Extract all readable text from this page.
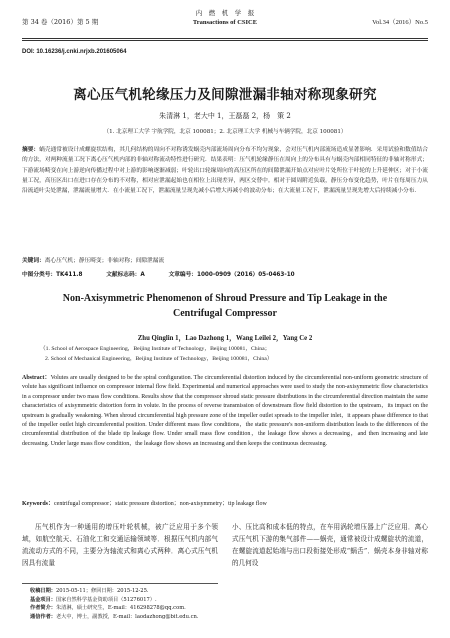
第 34 卷（2016）第 5 期
内　燃　机　学　报
Transactions of CSICE	Vol.34（2016）No.5
DOI: 10.16236/j.cnki.nrjxb.201605064
离心压气机轮缘压力及间隙泄漏非轴对称现象研究
朱清淋 1，老大中 1，王磊磊 2，杨　策 2
（1. 北京理工大学 宇航学院，北京 100081；2. 北京理工大学 机械与车辆学院，北京 100081）
摘要：蜗壳通常被设计成螺旋状结构，其几何结构的周向不对称诱发蜗壳内部流场周向分布不均匀现象，会对压气机内部流场造成显著影响．采用试验和数值结合的方法，对两种流量工况下离心压气机内部的非轴对称流动特性进行研究．结果表明：压气机轮缘静压在周向上的分布具有与蜗壳内部相同特征的非轴对称形式；下游流场畸变在向上游逆向传播过程中对上游的影响逐渐减弱；叶轮出口轮缘周向的高压区所在的间隙泄漏开始点对应叶片处所位于叶轮的上升延伸区；对于小流量工况，高压区出口在进口存在分布的不对称，相对应泄漏起始也在相位上出现差异，两区交替中。相对于圆周附近负载，静压分布变化趋势，叶片在每周压力从沿流道叶尖处泄漏，泄漏流量增大．在小流量工况下，泄漏流量呈现先减小后增大再减小的波动分布；在大流量工况下，泄漏流量呈现先增大后持续减小分布．
关键词：离心压气机；静压畸变；非轴对称；间隙泄漏流
中图分类号：TK411.8	文献标志码：A	文章编号：1000-0909（2016）05-0463-10
Non-Axisymmetric Phenomenon of Shroud Pressure and Tip Leakage in the Centrifugal Compressor
Zhu Qinglin 1，Lao Dazhong 1，Wang Leilei 2，Yang Ce 2
（1. School of Aerospace Engineering，Beijing Institute of Technology，Beijing 100081，China；
2. School of Mechanical Engineering，Beijing Institute of Technology，Beijing 100081，China）
Abstract：Volutes are usually designed to be the spiral configuration. The circumferential distortion induced by the circumferential non-uniform geometric structure of volute has significant influence on compressor internal flow field. Experimental and numerical approaches were used to study the non-axisymmetric flow characteristics in a compressor under two mass flow conditions. Results show that the compressor shroud static pressure distributions in the circumferential direction maintain the same characteristics of axisymmetric distortion form in volute. In the process of reverse transmission of downstream flow field distortion to the upstream，its impact on the upstream is gradually weakening. When shroud circumferential high pressure zone of the impeller outlet spreads to the impeller inlet，it appears phase difference to that of the impeller outlet high circumferential position. Under different mass flow conditions，the static pressure's non-uniform distribution leads to the differences of the circumferential distribution of the blade tip leakage flow. Under small mass flow condition，the leakage flow shows a decreasing，and then increasing and late decreasing. Under large mass flow condition，the leakage flow shows an increasing and then keeps the continuous decreasing.
Keywords：centrifugal compressor；static pressure distortion；non-axisymmetry；tip leakage flow
压气机作为一种通用的增压叶轮机械，被广泛应用于多个领域，如航空航天、石油化工和交通运输领域等．根据压气机内部气流流动方式的不同，主要分为轴流式和离心式两种．离心式压气机因具有流量
小、压比高和成本低的特点，在车用涡轮增压器上广泛应用．离心式压气机下游的集气部件——蜗壳，通常被设计成螺旋状的流道，在螺旋流道起始端与出口段衔接处形成“蜗舌”．蜗壳本身非轴对称的几何设
收稿日期：2015-05-11；修回日期：2015-12-25.
基金项目：国家自然科学基金资助项目（51276017）.
作者简介：朱清淋，硕士研究生，E-mail：416298278@qq.com.
通信作者：老大中，博士，副教授，E-mail：laodazhong@bit.edu.cn.
